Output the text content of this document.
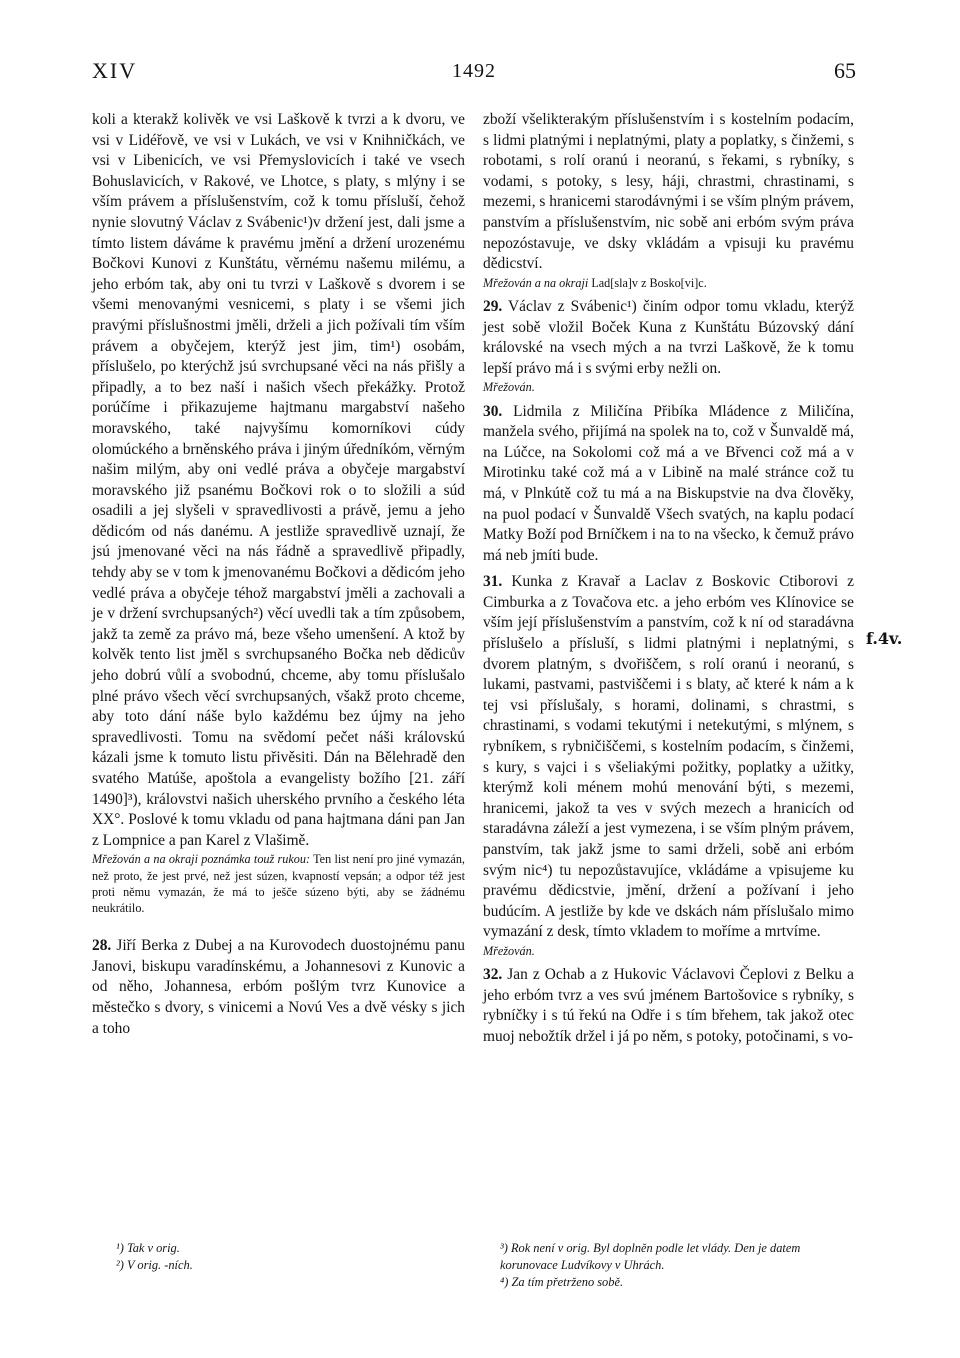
XIV	1492	65

koli a kterakž kolivěk ve vsi Laškově k tvrzi a k dvoru, ve vsi v Lidéřově, ve vsi v Lukách, ve vsi v Knihničkách, ve vsi v Libenicích, ve vsi Přemyslovicích i také ve vsech Bohuslavicích, v Rakové, ve Lhotce, s platy, s mlýny i se vším právem a příslušenstvím, což k tomu přísluší, čehož nynie slovutný Václav z Svábenic¹)v držení jest, dali jsme a tímto listem dáváme k pravému jmění a držení urozenému Bočkovi Kunovi z Kunštátu, věrnému našemu milému, a jeho erbóm tak, aby oni tu tvrzi v Laškově s dvorem i se všemi menovanými vesnicemi, s platy i se všemi jich pravými příslušnostmi jměli, drželi a jich požívali tím vším právem a obyčejem, kterýž jest jim, tim¹) osobám, příslušelo, po kterýchž jsú svrchupsané věci na nás přišly a připadly, a to bez naší i našich všech překážky. Protož porúčíme i přikazujeme hajtmanu margabství našeho moravského, také najvyšímu komorníkovi cúdy olomúckého a brněnského práva i jiným úředníkóm, věrným našim milým, aby oni vedlé práva a obyčeje margabství moravského již psanému Bočkovi rok o to složili a súd osadili a jej slyšeli v spravedlivosti a právě, jemu a jeho dědicóm od nás danému. A jestliže spravedlivě uznají, že jsú jmenované věci na nás řádně a spravedlivě připadly, tehdy aby se v tom k jmenovanému Bočkovi a dědicóm jeho vedlé práva a obyčeje téhož margabství jměli a zachovali a je v držení svrchupsaných²) věcí uvedli tak a tím způsobem, jakž ta země za právo má, beze všeho umenšení. A ktož by kolvěk tento list jměl s svrchupsaného Bočka neb dědicův jeho dobrú vůlí a svobodnú, chceme, aby tomu příslušalo plné právo všech věcí svrchupsaných, všakž proto chceme, aby toto dání náše bylo každému bez újmy na jeho spravedlivosti. Tomu na svědomí pečet náši královskú kázali jsme k tomuto listu přivěsiti. Dán na Bělehradě den svatého Matúše, apoštola a evangelisty božího [21. září 1490]³), královstvi našich uherského prvního a českého léta XX°. Poslové k tomu vkladu od pana hajtmana dáni pan Jan z Lompnice a pan Karel z Vlašimě.

Mřežován a na okraji poznámka touž rukou: Ten list není pro jiné vymazán, než proto, že jest prvé, než jest súzen, kvapností vepsán; a odpor též jest proti němu vymazán, že má to ješče súzeno býti, aby se žádnému neukrátilo.

28. Jiří Berka z Dubej a na Kurovodech duostojnému panu Janovi, biskupu varadínskému, a Johannesovi z Kunovic a od něho, Johannesa, erbóm pošlým tvrz Kunovice a městečko s dvory, s vinicemi a Novú Ves a dvě vésky s jich a toho

f.4v.

zboží všelikterakým příslušenstvím i s kostelním podacím, s lidmi platnými i neplatnými, platy a poplatky, s činžemi, s robotami, s rolí oranú i neoranú, s řekami, s rybníky, s vodami, s potoky, s lesy, háji, chrastmi, chrastinami, s mezemi, s hranicemi starodávnými i se vším plným právem, panstvím a příslušenstvím, nic sobě ani erbóm svým práva nepozóstavuje, ve dsky vkládám a vpisuji ku pravému dědicství.

Mřežován a na okraji Lad[sla]v z Bosko[vi]c.

29. Václav z Svábenic¹) činím odpor tomu vkladu, kterýž jest sobě vložil Boček Kuna z Kunštátu Búzovský dání královské na vsech mých a na tvrzi Laškově, že k tomu lepší právo má i s svými erby nežli on.

Mřežován.

30. Lidmila z Miličína Přibíka Mládence z Miličína, manžela svého, přijímá na spolek na to, což v Šunvaldě má, na Lúčce, na Sokolomi což má a ve Břvenci což má a v Mirotinku také což má a v Libině na malé stránce což tu má, v Plnkútě což tu má a na Biskupstvie na dva člověky, na puol podací v Šunvaldě Všech svatých, na kaplu podací Matky Boží pod Brníčkem i na to na všecko, k čemuž právo má neb jmíti bude.

31. Kunka z Kravař a Laclav z Boskovic Ctiborovi z Cimburka a z Tovačova etc. a jeho erbóm ves Klínovice se vším její příslušenstvím a panstvím, což k ní od staradávna příslušelo a přísluší, s lidmi platnými i neplatnými, s dvorem platným, s dvořiščem, s rolí oranú i neoranú, s lukami, pastvami, pastviščemi i s blaty, ač které k nám a k tej vsi příslušaly, s horami, dolinami, s chrastmi, s chrastinami, s vodami tekutými i netekutými, s mlýnem, s rybníkem, s rybničiščemi, s kostelním podacím, s činžemi, s kury, s vajci i s všeliakými požitky, poplatky a užitky, kterýmž koli ménem mohú menování býti, s mezemi, hranicemi, jakož ta ves v svých mezech a hranicích od staradávna záleží a jest vymezena, i se vším plným právem, panstvím, tak jakž jsme to sami drželi, sobě ani erbóm svým nic⁴) tu nepozůstavujíce, vkládáme a vpisujeme ku pravému dědicstvie, jmění, držení a požívaní i jeho budúcím. A jestliže by kde ve dskách nám příslušalo mimo vymazání z desk, tímto vkladem to moříme a mrtvíme.

Mřežován.

32. Jan z Ochab a z Hukovic Václavovi Čeplovi z Belku a jeho erbóm tvrz a ves svú jménem Bartošovice s rybníky, s rybníčky i s tú řekú na Odře i s tím břehem, tak jakož otec muoj nebožtík držel i já po něm, s potoky, potočinami, s vo-

¹) Tak v orig.

²) V orig. -ních.

³) Rok není v orig. Byl doplněn podle let vlády. Den je datem korunovace Ludvíkovy v Uhrách.

⁴) Za tím přetrženo sobě.
